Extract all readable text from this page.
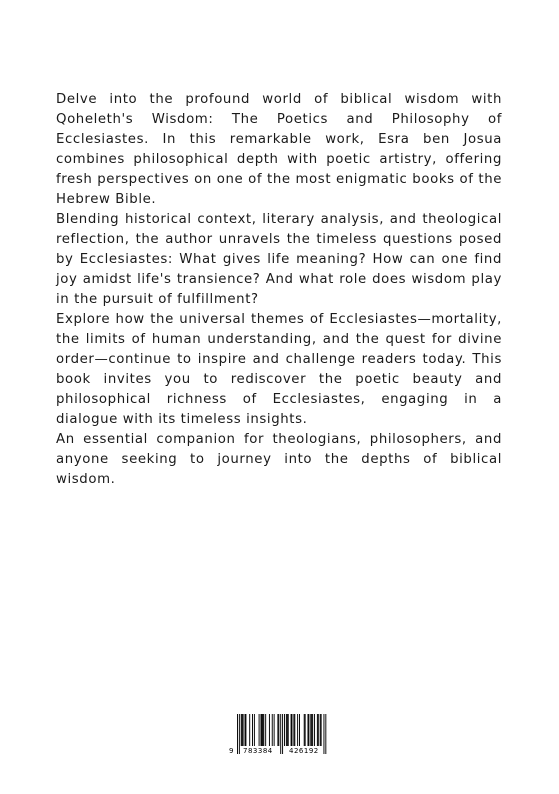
Delve into the profound world of biblical wisdom with Qoheleth's Wisdom: The Poetics and Philosophy of Ecclesiastes. In this remarkable work, Esra ben Josua combines philosophical depth with poetic artistry, offering fresh perspectives on one of the most enigmatic books of the Hebrew Bible.

Blending historical context, literary analysis, and theological reflection, the author unravels the timeless questions posed by Ecclesiastes: What gives life meaning? How can one find joy amidst life's transience? And what role does wisdom play in the pursuit of fulfillment?

Explore how the universal themes of Ecclesiastes—mortality, the limits of human understanding, and the quest for divine order—continue to inspire and challenge readers today. This book invites you to rediscover the poetic beauty and philosophical richness of Ecclesiastes, engaging in a dialogue with its timeless insights.

An essential companion for theologians, philosophers, and anyone seeking to journey into the depths of biblical wisdom.

9 783384 426192
